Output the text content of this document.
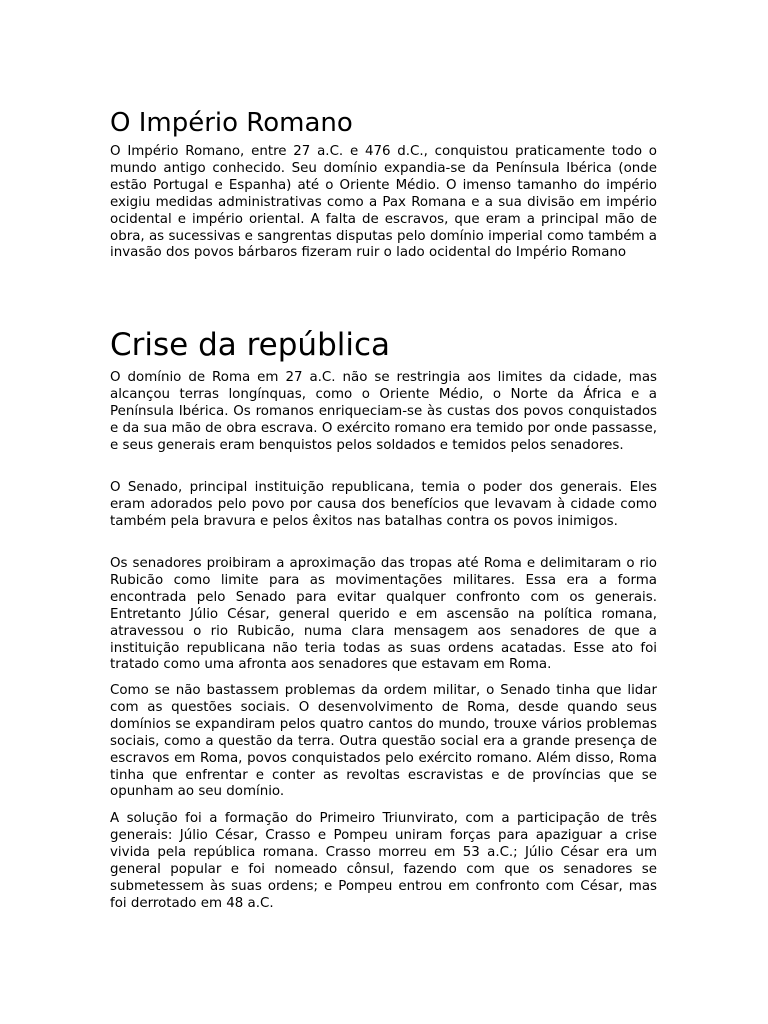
O Império Romano

O Império Romano, entre 27 a.C. e 476 d.C., conquistou praticamente todo o mundo antigo conhecido. Seu domínio expandia-se da Península Ibérica (onde estão Portugal e Espanha) até o Oriente Médio. O imenso tamanho do império exigiu medidas administrativas como a Pax Romana e a sua divisão em império ocidental e império oriental. A falta de escravos, que eram a principal mão de obra, as sucessivas e sangrentas disputas pelo domínio imperial como também a invasão dos povos bárbaros fizeram ruir o lado ocidental do Império Romano

Crise da república

O domínio de Roma em 27 a.C. não se restringia aos limites da cidade, mas alcançou terras longínquas, como o Oriente Médio, o Norte da África e a Península Ibérica. Os romanos enriqueciam-se às custas dos povos conquistados e da sua mão de obra escrava. O exército romano era temido por onde passasse, e seus generais eram benquistos pelos soldados e temidos pelos senadores.

O Senado, principal instituição republicana, temia o poder dos generais. Eles eram adorados pelo povo por causa dos benefícios que levavam à cidade como também pela bravura e pelos êxitos nas batalhas contra os povos inimigos.

Os senadores proibiram a aproximação das tropas até Roma e delimitaram o rio Rubicão como limite para as movimentações militares. Essa era a forma encontrada pelo Senado para evitar qualquer confronto com os generais. Entretanto Júlio César, general querido e em ascensão na política romana, atravessou o rio Rubicão, numa clara mensagem aos senadores de que a instituição republicana não teria todas as suas ordens acatadas. Esse ato foi tratado como uma afronta aos senadores que estavam em Roma.

Como se não bastassem problemas da ordem militar, o Senado tinha que lidar com as questões sociais. O desenvolvimento de Roma, desde quando seus domínios se expandiram pelos quatro cantos do mundo, trouxe vários problemas sociais, como a questão da terra. Outra questão social era a grande presença de escravos em Roma, povos conquistados pelo exército romano. Além disso, Roma tinha que enfrentar e conter as revoltas escravistas e de províncias que se opunham ao seu domínio.

A solução foi a formação do Primeiro Triunvirato, com a participação de três generais: Júlio César, Crasso e Pompeu uniram forças para apaziguar a crise vivida pela república romana. Crasso morreu em 53 a.C.; Júlio César era um general popular e foi nomeado cônsul, fazendo com que os senadores se submetessem às suas ordens; e Pompeu entrou em confronto com César, mas foi derrotado em 48 a.C.
